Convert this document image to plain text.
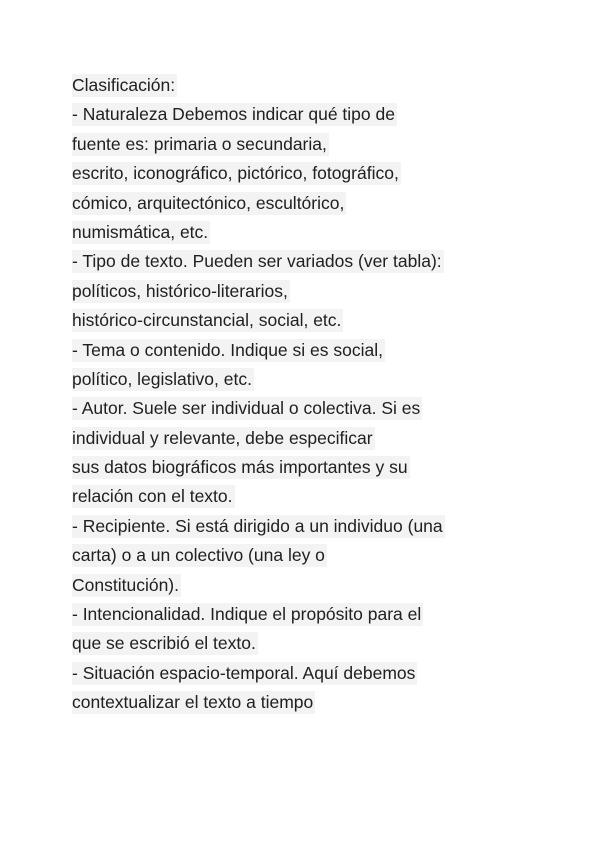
Clasificación:
- Naturaleza Debemos indicar qué tipo de
fuente es: primaria o secundaria,
escrito, iconográfico, pictórico, fotográfico,
cómico, arquitectónico, escultórico,
numismática, etc.
- Tipo de texto. Pueden ser variados (ver tabla):
políticos, histórico-literarios,
histórico-circunstancial, social, etc.
- Tema o contenido. Indique si es social,
político, legislativo, etc.
- Autor. Suele ser individual o colectiva. Si es
individual y relevante, debe especificar
sus datos biográficos más importantes y su
relación con el texto.
- Recipiente. Si está dirigido a un individuo (una
carta) o a un colectivo (una ley o
Constitución).
- Intencionalidad. Indique el propósito para el
que se escribió el texto.
- Situación espacio-temporal. Aquí debemos
contextualizar el texto a tiempo
